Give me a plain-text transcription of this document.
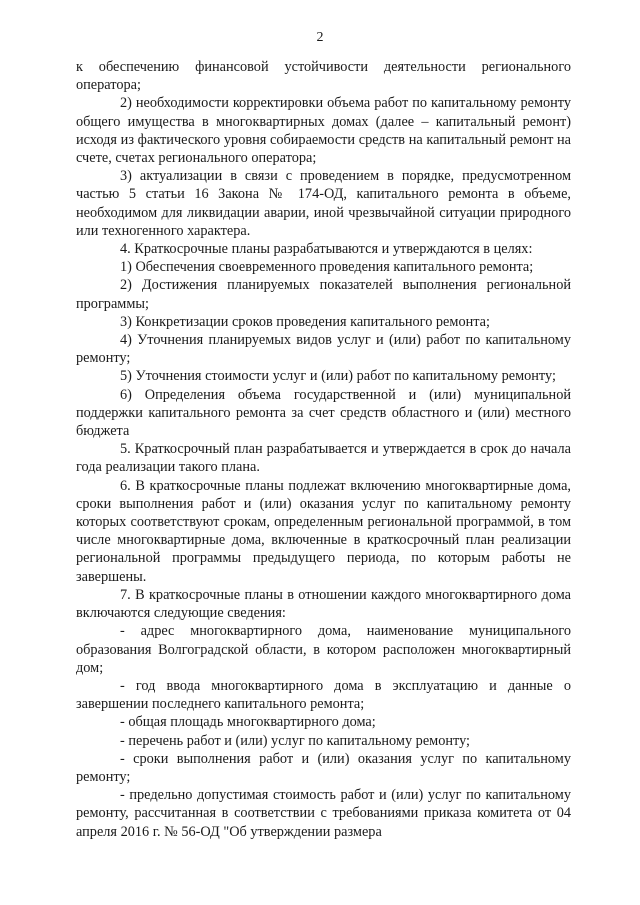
2

к обеспечению финансовой устойчивости деятельности регионального оператора;

2) необходимости корректировки объема работ по капитальному ремонту общего имущества в многоквартирных домах (далее – капитальный ремонт) исходя из фактического уровня собираемости средств на капитальный ремонт на счете, счетах регионального оператора;

3) актуализации в связи с проведением в порядке, предусмотренном частью 5 статьи 16 Закона № 174-ОД, капитального ремонта в объеме, необходимом для ликвидации аварии, иной чрезвычайной ситуации природного или техногенного характера.

4. Краткосрочные планы разрабатываются и утверждаются в целях:

1) Обеспечения своевременного проведения капитального ремонта;

2) Достижения планируемых показателей выполнения региональной программы;

3) Конкретизации сроков проведения капитального ремонта;

4) Уточнения планируемых видов услуг и (или) работ по капитальному ремонту;

5) Уточнения стоимости услуг и (или) работ по капитальному ремонту;

6) Определения объема государственной и (или) муниципальной поддержки капитального ремонта за счет средств областного и (или) местного бюджета

5. Краткосрочный план разрабатывается и утверждается в срок до начала года реализации такого плана.

6. В краткосрочные планы подлежат включению многоквартирные дома, сроки выполнения работ и (или) оказания услуг по капитальному ремонту которых соответствуют срокам, определенным региональной программой, в том числе многоквартирные дома, включенные в краткосрочный план реализации региональной программы предыдущего периода, по которым работы не завершены.

7. В краткосрочные планы в отношении каждого многоквартирного дома включаются следующие сведения:

- адрес многоквартирного дома, наименование муниципального образования Волгоградской области, в котором расположен многоквартирный дом;

- год ввода многоквартирного дома в эксплуатацию и данные о завершении последнего капитального ремонта;

- общая площадь многоквартирного дома;

- перечень работ и (или) услуг по капитальному ремонту;

- сроки выполнения работ и (или) оказания услуг по капитальному ремонту;

- предельно допустимая стоимость работ и (или) услуг по капитальному ремонту, рассчитанная в соответствии с требованиями приказа комитета от 04 апреля 2016 г. № 56-ОД "Об утверждении размера
